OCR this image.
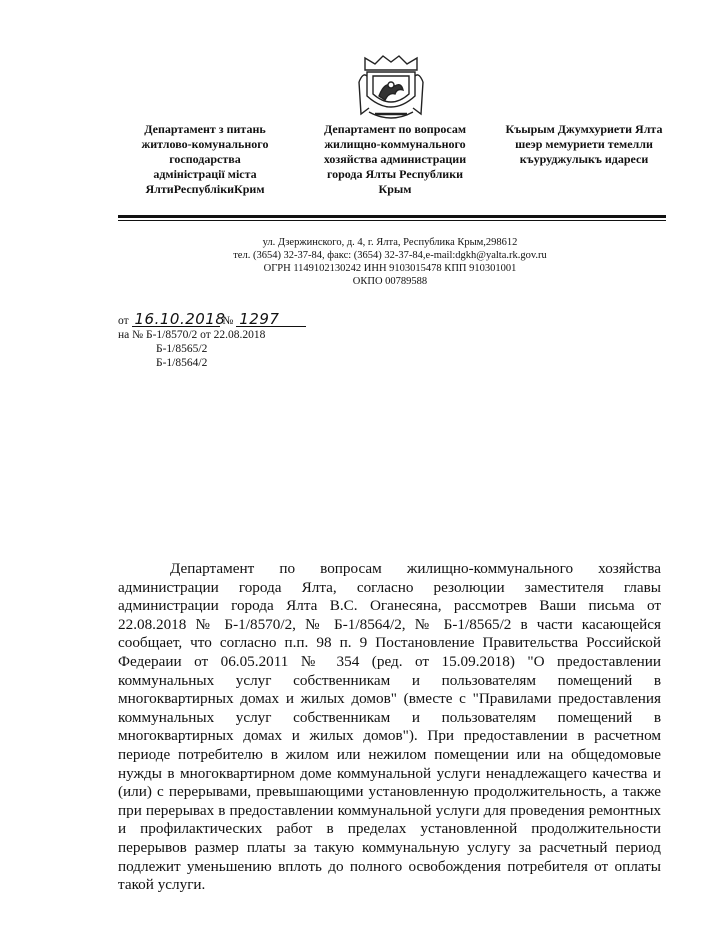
Департамент з питань
житлово-комунального
господарства
адміністрації міста
ЯлтиРеспублікиКрим
Департамент по вопросам
жилищно-коммунального
хозяйства администрации
города Ялты Республики
Крым
Къырым Джумхуриети Ялта
шеэр мемуриети темелли
къуруджулыкъ идареси
ул. Дзержинского, д. 4, г. Ялта, Республика Крым,298612
тел. (3654) 32-37-84, факс: (3654) 32-37-84,e-mail:dgkh@yalta.rk.gov.ru
ОГРН 1149102130242 ИНН 9103015478 КПП 910301001
ОКПО 00789588
от 16.10.2018 № 1297
на № Б-1/8570/2 от 22.08.2018
Б-1/8565/2
Б-1/8564/2
Департамент по вопросам жилищно-коммунального хозяйства администрации города Ялта, согласно резолюции заместителя главы администрации города Ялта В.С. Оганесяна, рассмотрев Ваши письма от 22.08.2018 № Б-1/8570/2, № Б-1/8564/2, № Б-1/8565/2 в части касающейся сообщает, что согласно п.п. 98 п. 9 Постановление Правительства Российской Федераии от 06.05.2011 № 354 (ред. от 15.09.2018) "О предоставлении коммунальных услуг собственникам и пользователям помещений в многоквартирных домах и жилых домов" (вместе с "Правилами предоставления коммунальных услуг собственникам и пользователям помещений в многоквартирных домах и жилых домов"). При предоставлении в расчетном периоде потребителю в жилом или нежилом помещении или на общедомовые нужды в многоквартирном доме коммунальной услуги ненадлежащего качества и (или) с перерывами, превышающими установленную продолжительность, а также при перерывах в предоставлении коммунальной услуги для проведения ремонтных и профилактических работ в пределах установленной продолжительности перерывов размер платы за такую коммунальную услугу за расчетный период подлежит уменьшению вплоть до полного освобождения потребителя от оплаты такой услуги.
